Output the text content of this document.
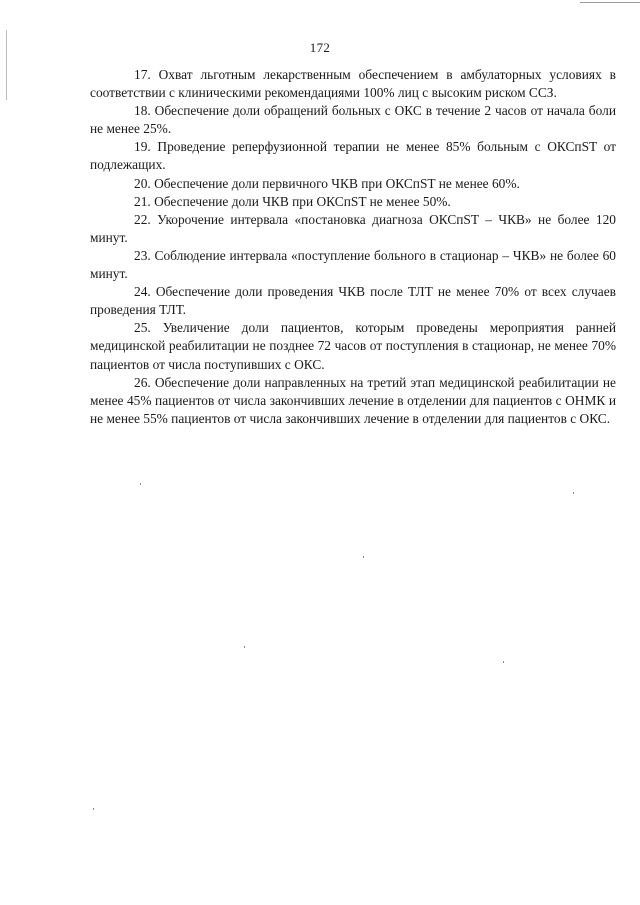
172

17. Охват льготным лекарственным обеспечением в амбулаторных условиях в соответствии с клиническими рекомендациями 100% лиц с высоким риском ССЗ.

18. Обеспечение доли обращений больных с ОКС в течение 2 часов от начала боли не менее 25%.

19. Проведение реперфузионной терапии не менее 85% больным с ОКСпST от подлежащих.

20. Обеспечение доли первичного ЧКВ при ОКСпST не менее 60%.

21. Обеспечение доли ЧКВ при ОКСпST не менее 50%.

22. Укорочение интервала «постановка диагноза ОКСпST – ЧКВ» не более 120 минут.

23. Соблюдение интервала «поступление больного в стационар – ЧКВ» не более 60 минут.

24. Обеспечение доли проведения ЧКВ после ТЛТ не менее 70% от всех случаев проведения ТЛТ.

25. Увеличение доли пациентов, которым проведены мероприятия ранней медицинской реабилитации не позднее 72 часов от поступления в стационар, не менее 70% пациентов от числа поступивших с ОКС.

26. Обеспечение доли направленных на третий этап медицинской реабилитации не менее 45% пациентов от числа закончивших лечение в отделении для пациентов с ОНМК и не менее 55% пациентов от числа закончивших лечение в отделении для пациентов с ОКС.
